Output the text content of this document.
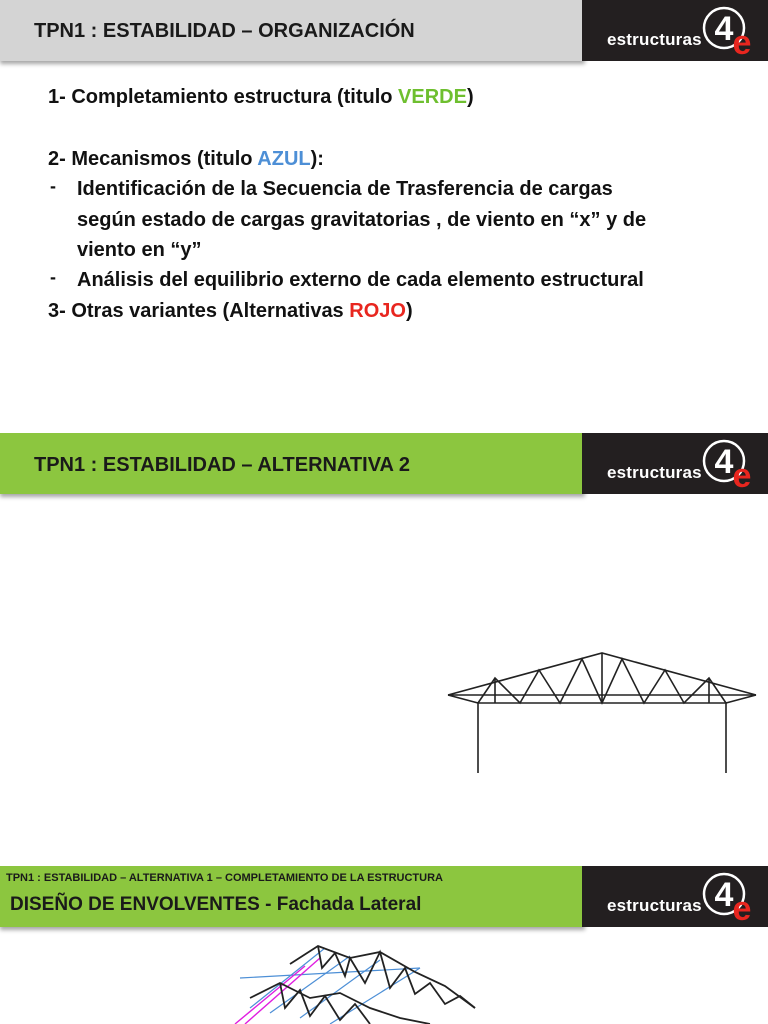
TPN1 : ESTABILIDAD – ORGANIZACIÓN	estructuras 4 e
1- Completamiento estructura (titulo VERDE)
2- Mecanismos (titulo AZUL):
- Identificación de la Secuencia de Trasferencia de cargas
según estado de cargas gravitatorias , de viento en “x” y de
viento en “y”
- Análisis del equilibrio externo de cada elemento estructural
3- Otras variantes (Alternativas ROJO)
TPN1 : ESTABILIDAD – ALTERNATIVA 2	estructuras 4 e
TPN1 : ESTABILIDAD – ALTERNATIVA 1 – COMPLETAMIENTO DE LA ESTRUCTURA
DISEÑO DE ENVOLVENTES - Fachada Lateral	estructuras 4 e
